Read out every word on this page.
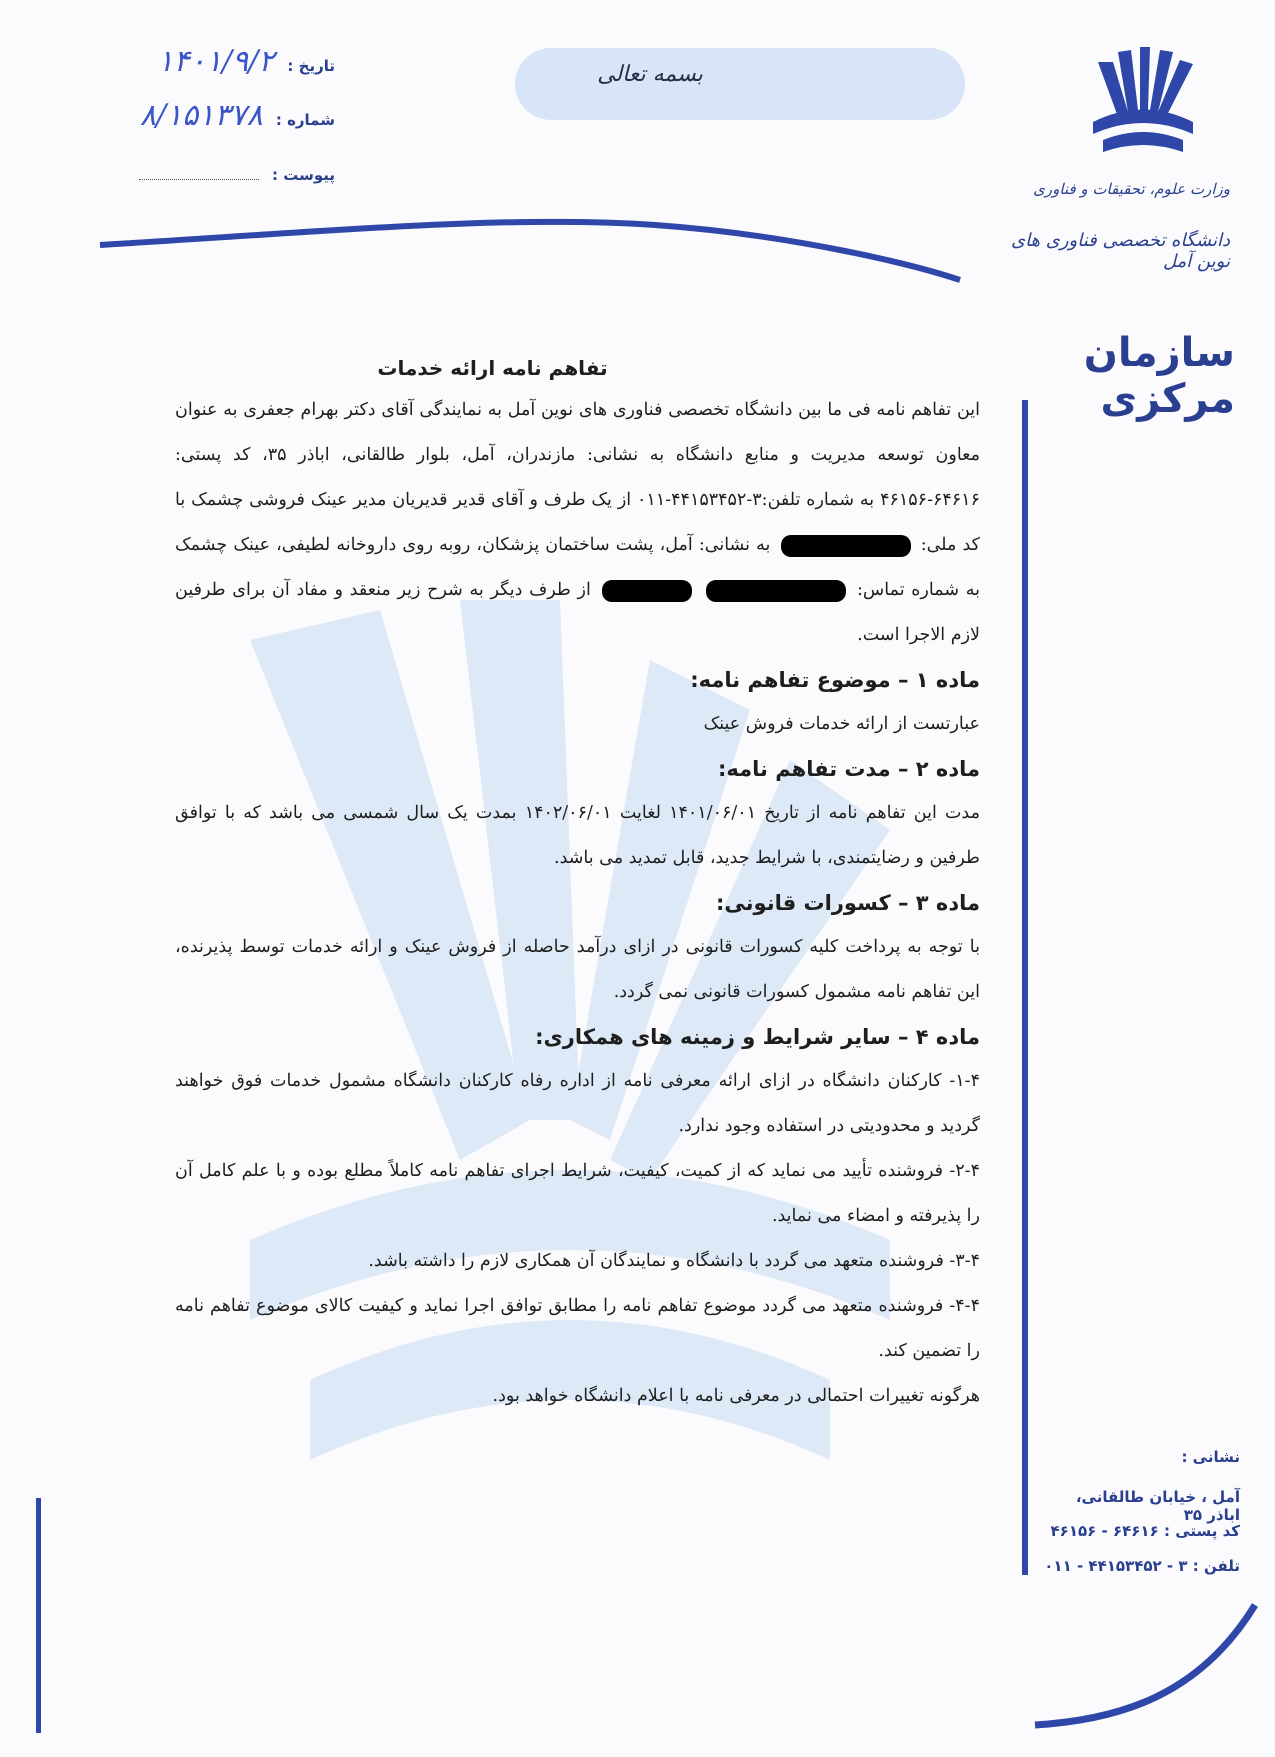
بسمه تعالی
تاریخ : ۱۴۰۱/۹/۲
شماره : ۸/۱۵۱۳۷۸
پیوست :
وزارت علوم، تحقیقات و فناوری
دانشگاه تخصصی فناوری های نوین آمل
سازمان مرکزی
تفاهم نامه ارائه خدمات

این تفاهم نامه فی ما بین دانشگاه تخصصی فناوری های نوین آمل به نمایندگی آقای دکتر بهرام جعفری به عنوان معاون توسعه مدیریت و منابع دانشگاه به نشانی: مازندران، آمل، بلوار طالقانی، اباذر ۳۵، کد پستی: ۶۴۶۱۶-۴۶۱۵۶ به شماره تلفن:۳-۴۴۱۵۳۴۵۲-۰۱۱ از یک طرف و آقای قدیر قدیریان مدیر عینک فروشی چشمک با کد ملی:  به نشانی: آمل، پشت ساختمان پزشکان، روبه روی داروخانه لطیفی، عینک چشمک به شماره تماس:   از طرف دیگر به شرح زیر منعقد و مفاد آن برای طرفین لازم الاجرا است.

ماده ۱ – موضوع تفاهم نامه:

عبارتست از ارائه خدمات فروش عینک

ماده ۲ – مدت تفاهم نامه:

مدت این تفاهم نامه از تاریخ ۱۴۰۱/۰۶/۰۱ لغایت ۱۴۰۲/۰۶/۰۱ بمدت یک سال شمسی می باشد که با توافق طرفین و رضایتمندی، با شرایط جدید، قابل تمدید می باشد.

ماده ۳ – کسورات قانونی:

با توجه به پرداخت کلیه کسورات قانونی در ازای درآمد حاصله از فروش عینک و ارائه خدمات توسط پذیرنده، این تفاهم نامه مشمول کسورات قانونی نمی گردد.

ماده ۴ – سایر شرایط و زمینه های همکاری:

۱-۴- کارکنان دانشگاه در ازای ارائه معرفی نامه از اداره رفاه کارکنان دانشگاه مشمول خدمات فوق خواهند گردید و محدودیتی در استفاده وجود ندارد.

۲-۴- فروشنده تأیید می نماید که از کمیت، کیفیت، شرایط اجرای تفاهم نامه کاملاً مطلع بوده و با علم کامل آن را پذیرفته و امضاء می نماید.

۳-۴- فروشنده متعهد می گردد با دانشگاه و نمایندگان آن همکاری لازم را داشته باشد.

۴-۴- فروشنده متعهد می گردد موضوع تفاهم نامه را مطابق توافق اجرا نماید و کیفیت کالای موضوع تفاهم نامه را تضمین کند.

هرگونه تغییرات احتمالی در معرفی نامه با اعلام دانشگاه خواهد بود.

نشانی :
آمل ، خیابان طالقانی، اباذر ۳۵
کد پستی : ۶۴۶۱۶ - ۴۶۱۵۶
تلفن : ۳ - ۴۴۱۵۳۴۵۲ - ۰۱۱
